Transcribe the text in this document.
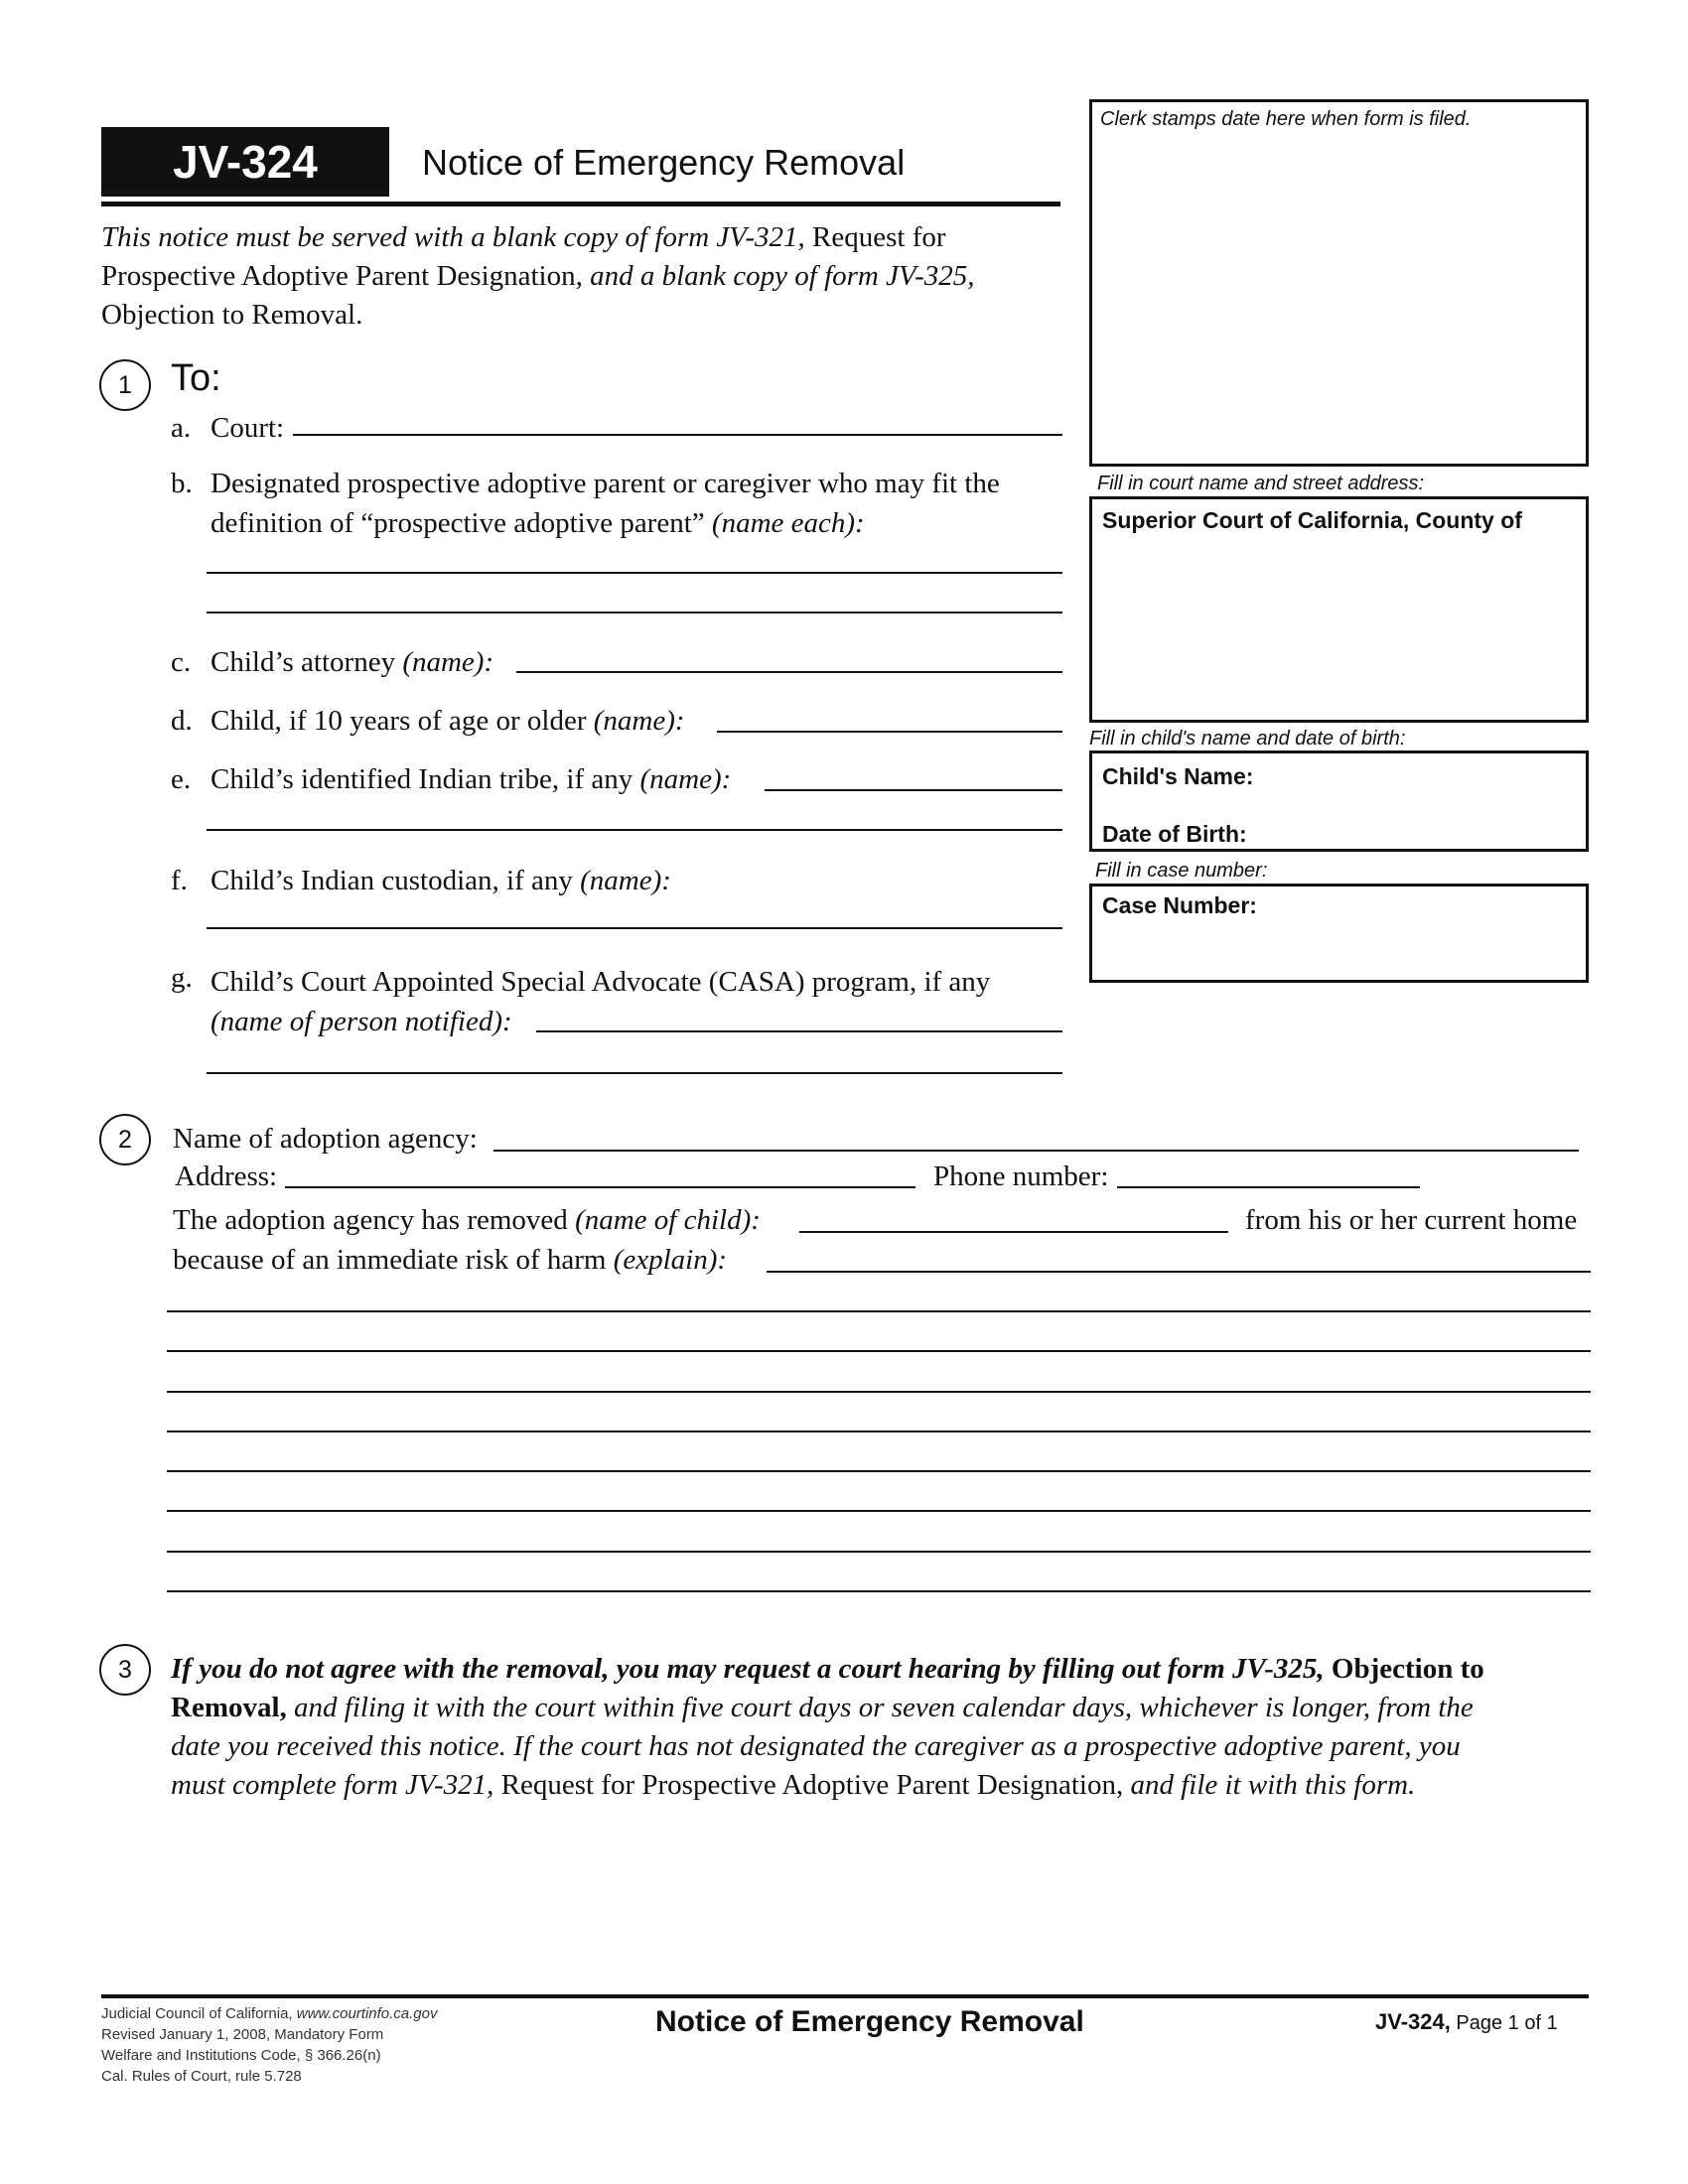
JV-324	Notice of Emergency Removal
This notice must be served with a blank copy of form JV-321, Request for
Prospective Adoptive Parent Designation, and a blank copy of form JV-325,
Objection to Removal.
Clerk stamps date here when form is filed.
Fill in court name and street address:
Superior Court of California, County of
Fill in child's name and date of birth:
Child's Name:
Date of Birth:
Fill in case number:
Case Number:
1	To:
a. Court:
b. Designated prospective adoptive parent or caregiver who may fit the
definition of “prospective adoptive parent” (name each):
c. Child’s attorney (name):
d. Child, if 10 years of age or older (name):
e. Child’s identified Indian tribe, if any (name):
f. Child’s Indian custodian, if any (name):
g. Child’s Court Appointed Special Advocate (CASA) program, if any
(name of person notified):
2	Name of adoption agency:
Address:	Phone number:
The adoption agency has removed (name of child):	from his or her current home
because of an immediate risk of harm (explain):
3	If you do not agree with the removal, you may request a court hearing by filling out form JV-325, Objection to
Removal, and filing it with the court within five court days or seven calendar days, whichever is longer, from the
date you received this notice. If the court has not designated the caregiver as a prospective adoptive parent, you
must complete form JV-321, Request for Prospective Adoptive Parent Designation, and file it with this form.
Judicial Council of California, www.courtinfo.ca.gov
Revised January 1, 2008, Mandatory Form
Welfare and Institutions Code, § 366.26(n)
Cal. Rules of Court, rule 5.728
Notice of Emergency Removal	JV-324, Page 1 of 1
